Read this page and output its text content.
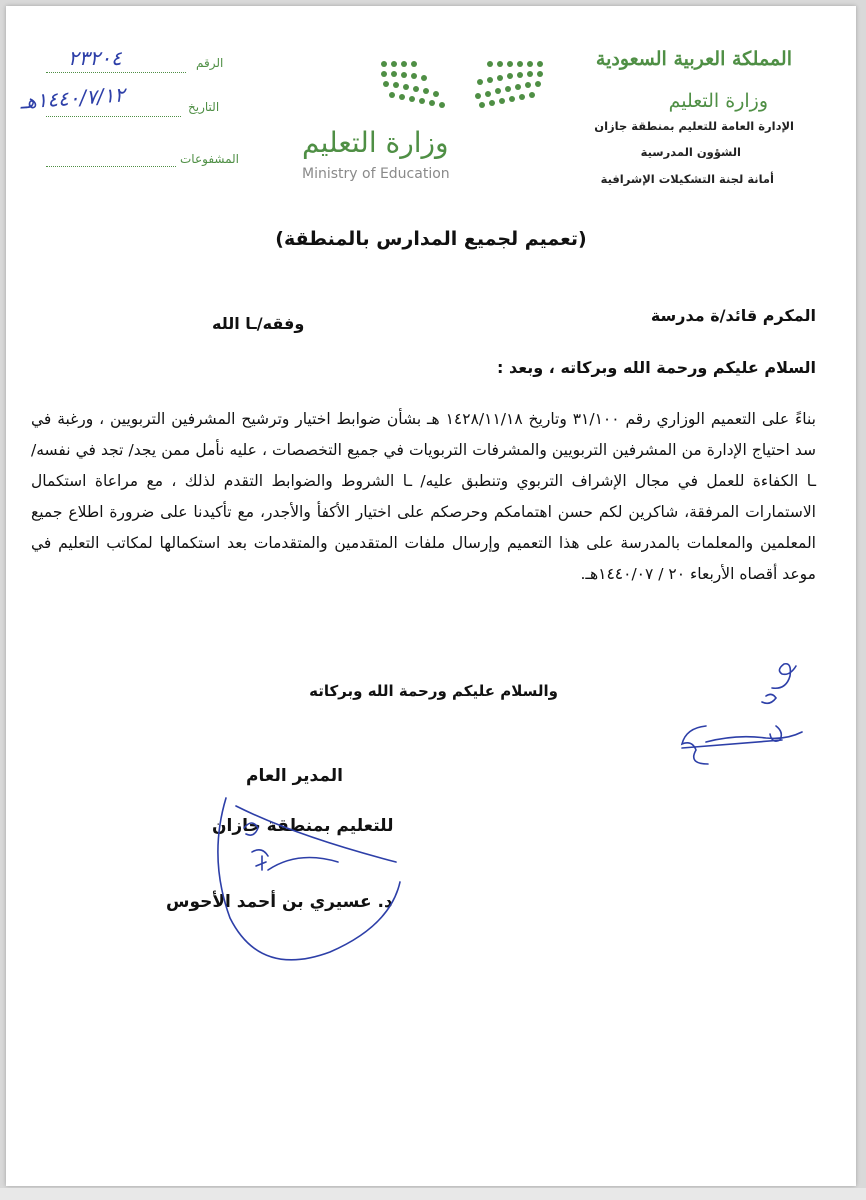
المملكة العربية السعودية
وزارة التعليم
الإدارة العامة للتعليم بمنطقة جازان
الشؤون المدرسية
أمانة لجنة التشكيلات الإشرافية
وزارة التعليم
Ministry of Education
الرقم
٢٣٢٠٤
التاريخ
١٤٤٠/٧/١٢هـ
المشفوعات
(تعميم لجميع المدارس بالمنطقة)
المكرم قائد/ة مدرسة
وفقه/ـا الله
السلام عليكم ورحمة الله وبركاته ، وبعد :
بناءً على التعميم الوزاري رقم ٣١/١٠٠ وتاريخ ١٤٢٨/١١/١٨ هـ بشأن ضوابط اختيار وترشيح المشرفين التربويين ، ورغبة في سد احتياج الإدارة من المشرفين التربويين والمشرفات التربويات في جميع التخصصات ، عليه نأمل ممن يجد/ تجد في نفسه/ ـا الكفاءة للعمل في مجال الإشراف التربوي وتنطبق عليه/ ـا الشروط والضوابط التقدم لذلك ، مع مراعاة استكمال الاستمارات المرفقة، شاكرين لكم حسن اهتمامكم وحرصكم على اختيار الأكفأ والأجدر، مع تأكيدنا على ضرورة اطلاع جميع المعلمين والمعلمات بالمدرسة على هذا التعميم وإرسال ملفات المتقدمين والمتقدمات بعد استكمالها لمكاتب التعليم في موعد أقصاه الأربعاء ٢٠ / ١٤٤٠/٠٧هـ.
والسلام عليكم ورحمة الله وبركاته
المدير العام
للتعليم بمنطقة جازان
د. عسيري بن أحمد الأحوس
